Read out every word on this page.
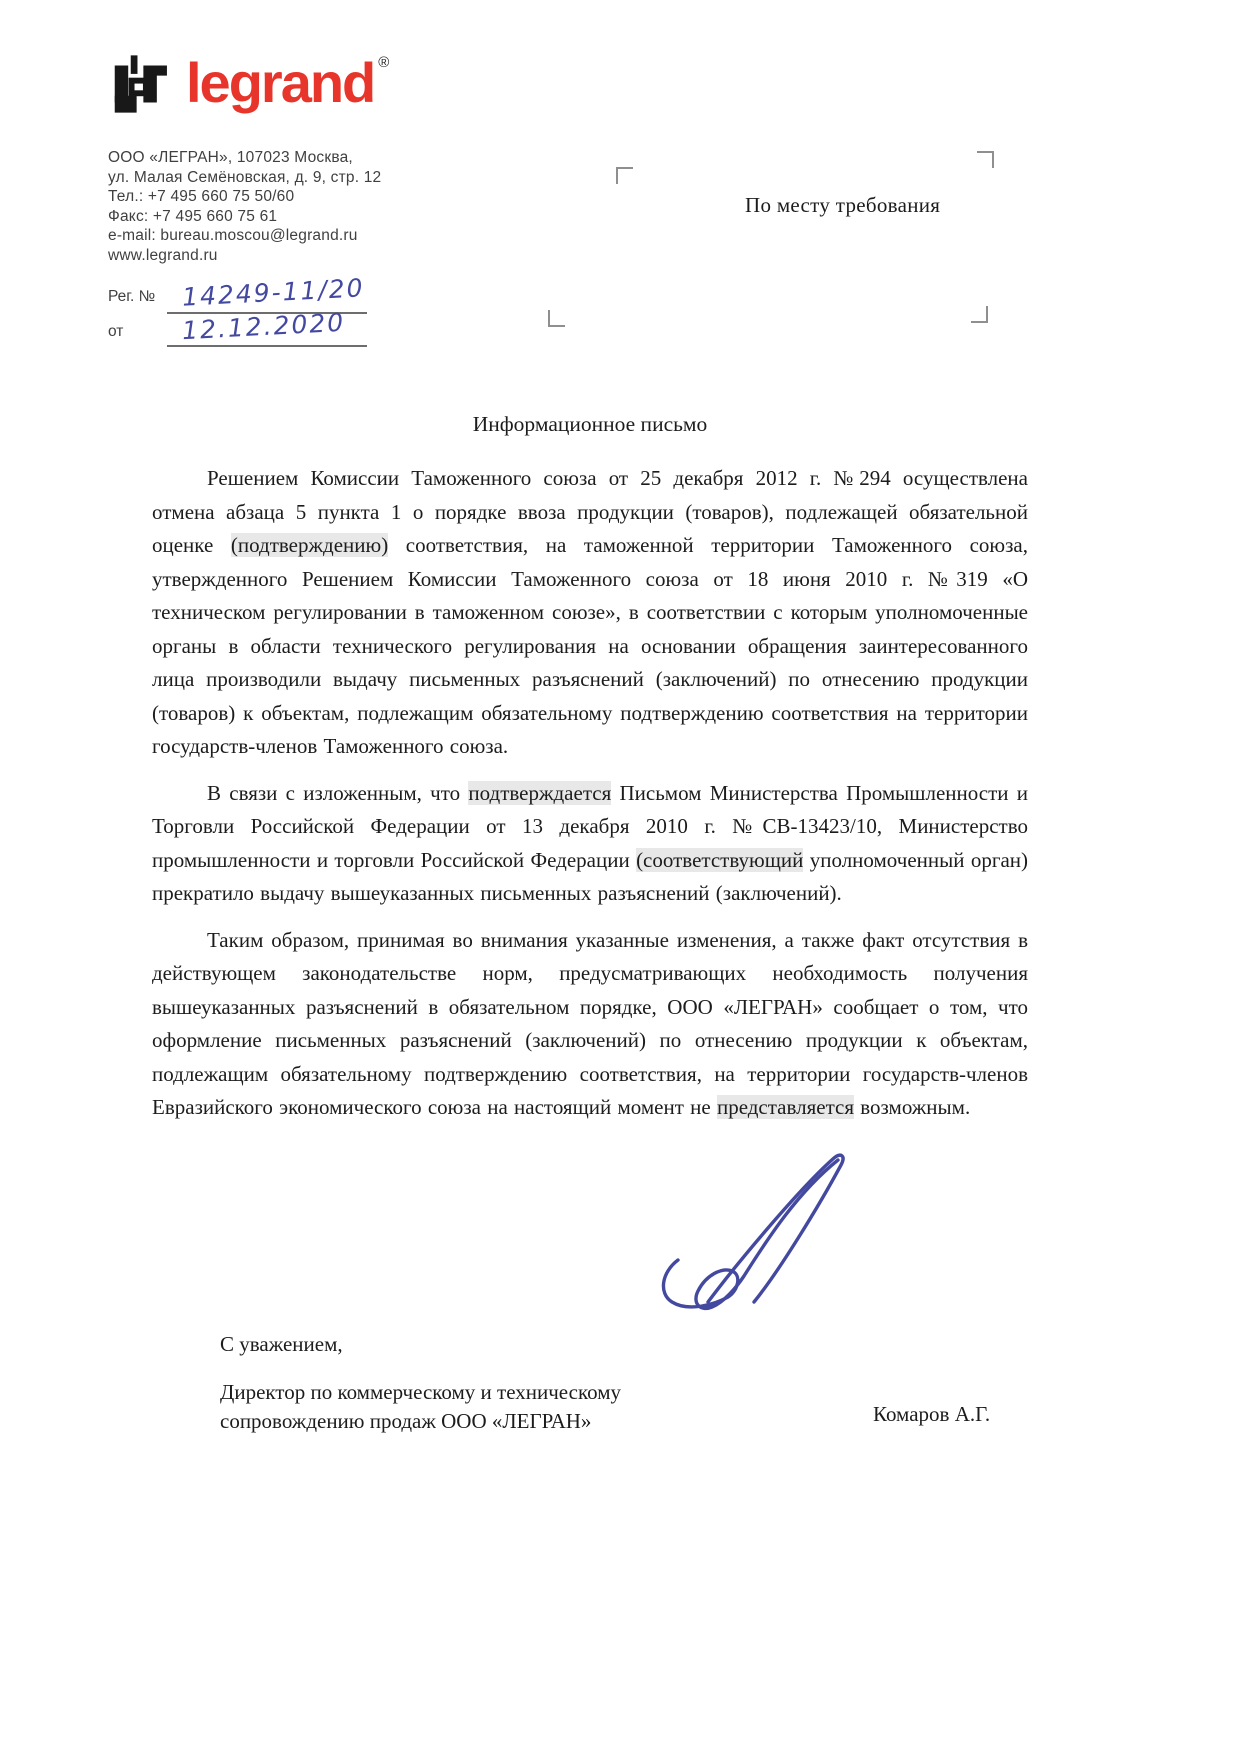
legrand ®
ООО «ЛЕГРАН», 107023 Москва,
ул. Малая Семёновская, д. 9, стр. 12
Тел.: +7 495 660 75 50/60
Факс: +7 495 660 75 61
e-mail: bureau.moscou@legrand.ru
www.legrand.ru
Рег. № 14249-11/20
от 12.12.2020
По месту требования
Информационное письмо

Решением Комиссии Таможенного союза от 25 декабря 2012 г. №294 осуществлена отмена абзаца 5 пункта 1 о порядке ввоза продукции (товаров), подлежащей обязательной оценке (подтверждению) соответствия, на таможенной территории Таможенного союза, утвержденного Решением Комиссии Таможенного союза от 18 июня 2010 г. №319 «О техническом регулировании в таможенном союзе», в соответствии с которым уполномоченные органы в области технического регулирования на основании обращения заинтересованного лица производили выдачу письменных разъяснений (заключений) по отнесению продукции (товаров) к объектам, подлежащим обязательному подтверждению соответствия на территории государств-членов Таможенного союза.

В связи с изложенным, что подтверждается Письмом Министерства Промышленности и Торговли Российской Федерации от 13 декабря 2010 г. №СВ-13423/10, Министерство промышленности и торговли Российской Федерации (соответствующий уполномоченный орган) прекратило выдачу вышеуказанных письменных разъяснений (заключений).

Таким образом, принимая во внимания указанные изменения, а также факт отсутствия в действующем законодательстве норм, предусматривающих необходимость получения вышеуказанных разъяснений в обязательном порядке, ООО «ЛЕГРАН» сообщает о том, что оформление письменных разъяснений (заключений) по отнесению продукции к объектам, подлежащим обязательному подтверждению соответствия, на территории государств-членов Евразийского экономического союза на настоящий момент не представляется возможным.

С уважением,
Директор по коммерческому и техническому
сопровождению продаж ООО «ЛЕГРАН»	Комаров А.Г.
